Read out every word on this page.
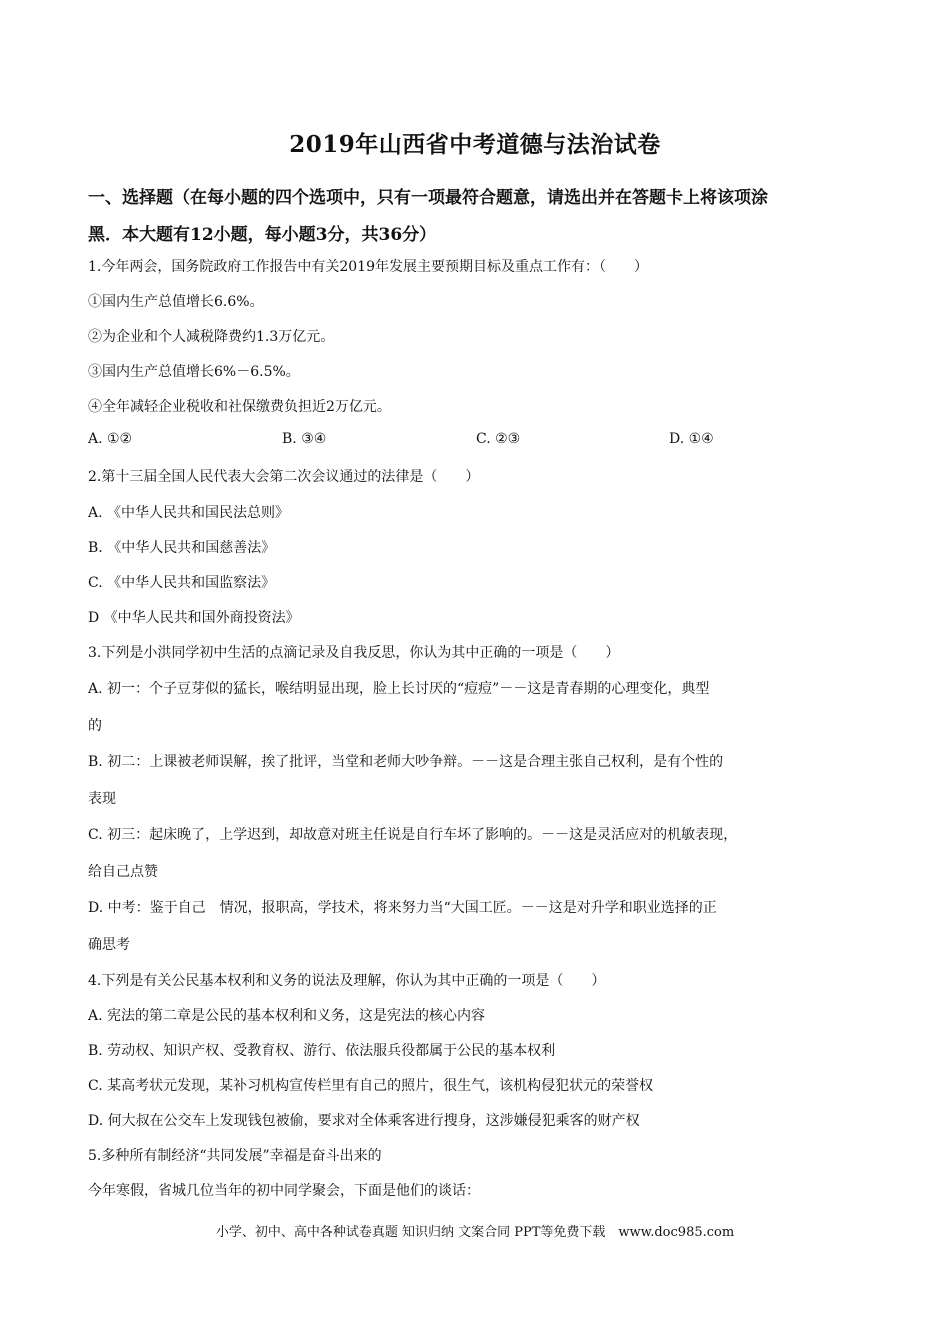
2019年山西省中考道德与法治试卷
一、选择题（在每小题的四个选项中，只有一项最符合题意，请选出并在答题卡上将该项涂
黑．本大题有12小题，每小题3分，共36分）
1.今年两会，国务院政府工作报告中有关2019年发展主要预期目标及重点工作有：（　　）
①国内生产总值增长6.6%。
②为企业和个人减税降费约1.3万亿元。
③国内生产总值增长6%－6.5%。
④全年减轻企业税收和社保缴费负担近2万亿元。
A. ①②	B. ③④	C. ②③	D. ①④
2.第十三届全国人民代表大会第二次会议通过的法律是（　　）
A. 《中华人民共和国民法总则》
B. 《中华人民共和国慈善法》
C. 《中华人民共和国监察法》
D 《中华人民共和国外商投资法》
3.下列是小洪同学初中生活的点滴记录及自我反思，你认为其中正确的一项是（　　）
A. 初一：个子豆芽似的猛长，喉结明显出现，脸上长讨厌的“痘痘”－－这是青春期的心理变化，典型
的
B. 初二：上课被老师误解，挨了批评，当堂和老师大吵争辩。－－这是合理主张自己权利，是有个性的
表现
C. 初三：起床晚了，上学迟到，却故意对班主任说是自行车坏了影响的。－－这是灵活应对的机敏表现，
给自己点赞
D. 中考：鉴于自己　情况，报职高，学技术，将来努力当“大国工匠。－－这是对升学和职业选择的正
确思考
4.下列是有关公民基本权利和义务的说法及理解，你认为其中正确的一项是（　　）
A. 宪法的第二章是公民的基本权利和义务，这是宪法的核心内容
B. 劳动权、知识产权、受教育权、游行、依法服兵役都属于公民的基本权利
C. 某高考状元发现，某补习机构宣传栏里有自己的照片，很生气，该机构侵犯状元的荣誉权
D. 何大叔在公交车上发现钱包被偷，要求对全体乘客进行搜身，这涉嫌侵犯乘客的财产权
5.多种所有制经济“共同发展”幸福是奋斗出来的
今年寒假，省城几位当年的初中同学聚会，下面是他们的谈话：
小学、初中、高中各种试卷真题 知识归纳 文案合同 PPT等免费下载　www.doc985.com
